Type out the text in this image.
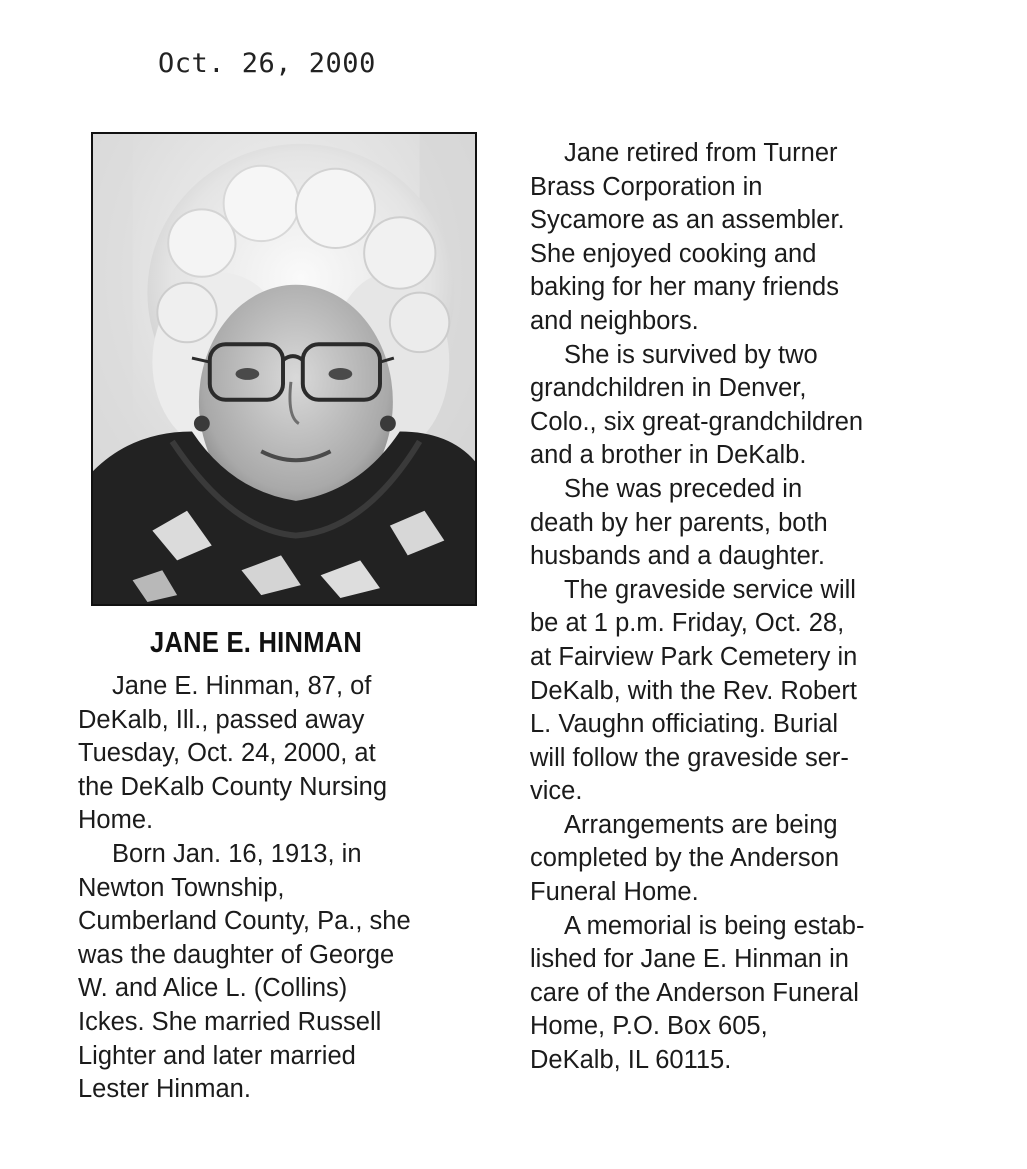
Oct. 26, 2000
JANE E. HINMAN
Jane E. Hinman, 87, of
DeKalb, Ill., passed away
Tuesday, Oct. 24, 2000, at
the DeKalb County Nursing
Home.
Born Jan. 16, 1913, in
Newton Township,
Cumberland County, Pa., she
was the daughter of George
W. and Alice L. (Collins)
Ickes. She married Russell
Lighter and later married
Lester Hinman.
Jane retired from Turner
Brass Corporation in
Sycamore as an assembler.
She enjoyed cooking and
baking for her many friends
and neighbors.
She is survived by two
grandchildren in Denver,
Colo., six great-grandchildren
and a brother in DeKalb.
She was preceded in
death by her parents, both
husbands and a daughter.
The graveside service will
be at 1 p.m. Friday, Oct. 28,
at Fairview Park Cemetery in
DeKalb, with the Rev. Robert
L. Vaughn officiating. Burial
will follow the graveside ser-
vice.
Arrangements are being
completed by the Anderson
Funeral Home.
A memorial is being estab-
lished for Jane E. Hinman in
care of the Anderson Funeral
Home, P.O. Box 605,
DeKalb, IL 60115.
